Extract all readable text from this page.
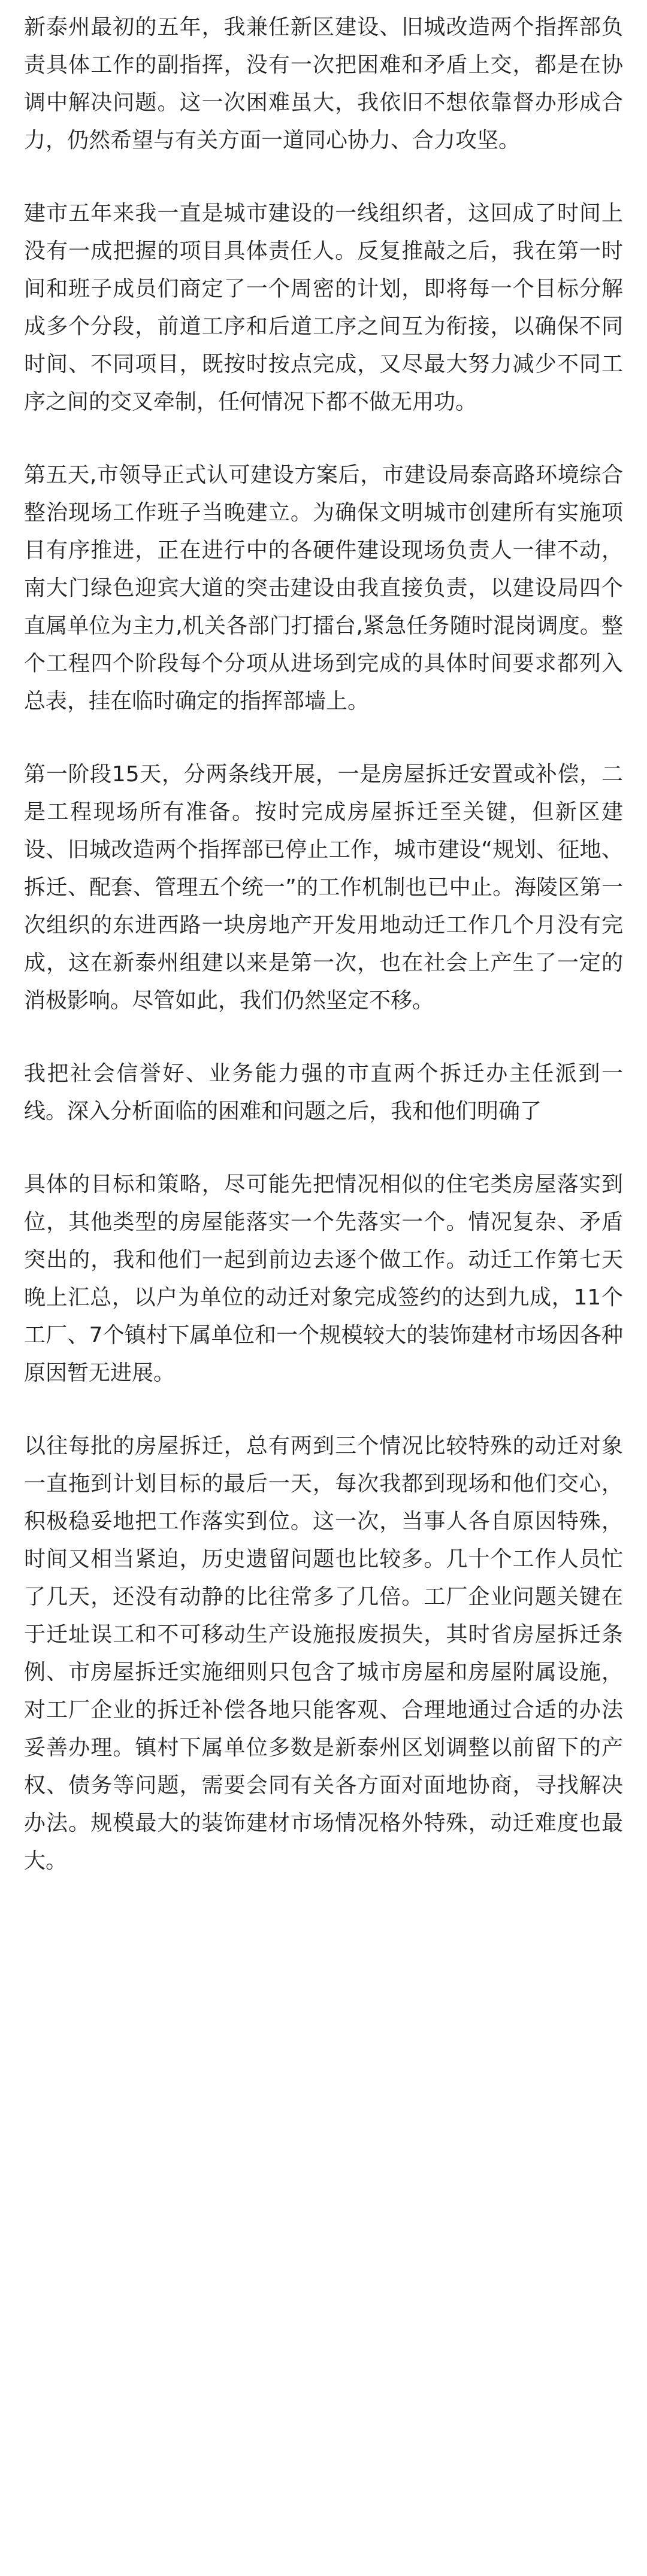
新泰州最初的五年，我兼任新区建设、旧城改造两个指挥部负责具体工作的副指挥，没有一次把困难和矛盾上交，都是在协调中解决问题。这一次困难虽大，我依旧不想依靠督办形成合力，仍然希望与有关方面一道同心协力、合力攻坚。

建市五年来我一直是城市建设的一线组织者，这回成了时间上没有一成把握的项目具体责任人。反复推敲之后，我在第一时间和班子成员们商定了一个周密的计划，即将每一个目标分解成多个分段，前道工序和后道工序之间互为衔接，以确保不同时间、不同项目，既按时按点完成，又尽最大努力减少不同工序之间的交叉牵制，任何情况下都不做无用功。

第五天,市领导正式认可建设方案后，市建设局泰高路环境综合整治现场工作班子当晚建立。为确保文明城市创建所有实施项目有序推进，正在进行中的各硬件建设现场负责人一律不动，南大门绿色迎宾大道的突击建设由我直接负责，以建设局四个直属单位为主力,机关各部门打擂台,紧急任务随时混岗调度。整个工程四个阶段每个分项从进场到完成的具体时间要求都列入总表，挂在临时确定的指挥部墙上。

第一阶段15天，分两条线开展，一是房屋拆迁安置或补偿，二是工程现场所有准备。按时完成房屋拆迁至关键，但新区建设、旧城改造两个指挥部已停止工作，城市建设“规划、征地、拆迁、配套、管理五个统一”的工作机制也已中止。海陵区第一次组织的东进西路一块房地产开发用地动迁工作几个月没有完成，这在新泰州组建以来是第一次，也在社会上产生了一定的消极影响。尽管如此，我们仍然坚定不移。

我把社会信誉好、业务能力强的市直两个拆迁办主任派到一线。深入分析面临的困难和问题之后，我和他们明确了

具体的目标和策略，尽可能先把情况相似的住宅类房屋落实到位，其他类型的房屋能落实一个先落实一个。情况复杂、矛盾突出的，我和他们一起到前边去逐个做工作。动迁工作第七天晚上汇总，以户为单位的动迁对象完成签约的达到九成，11个工厂、7个镇村下属单位和一个规模较大的装饰建材市场因各种原因暂无进展。

以往每批的房屋拆迁，总有两到三个情况比较特殊的动迁对象一直拖到计划目标的最后一天，每次我都到现场和他们交心，积极稳妥地把工作落实到位。这一次，当事人各自原因特殊，时间又相当紧迫，历史遗留问题也比较多。几十个工作人员忙了几天，还没有动静的比往常多了几倍。工厂企业问题关键在于迁址误工和不可移动生产设施报废损失，其时省房屋拆迁条例、市房屋拆迁实施细则只包含了城市房屋和房屋附属设施，对工厂企业的拆迁补偿各地只能客观、合理地通过合适的办法妥善办理。镇村下属单位多数是新泰州区划调整以前留下的产权、债务等问题，需要会同有关各方面对面地协商，寻找解决办法。规模最大的装饰建材市场情况格外特殊，动迁难度也最大。
